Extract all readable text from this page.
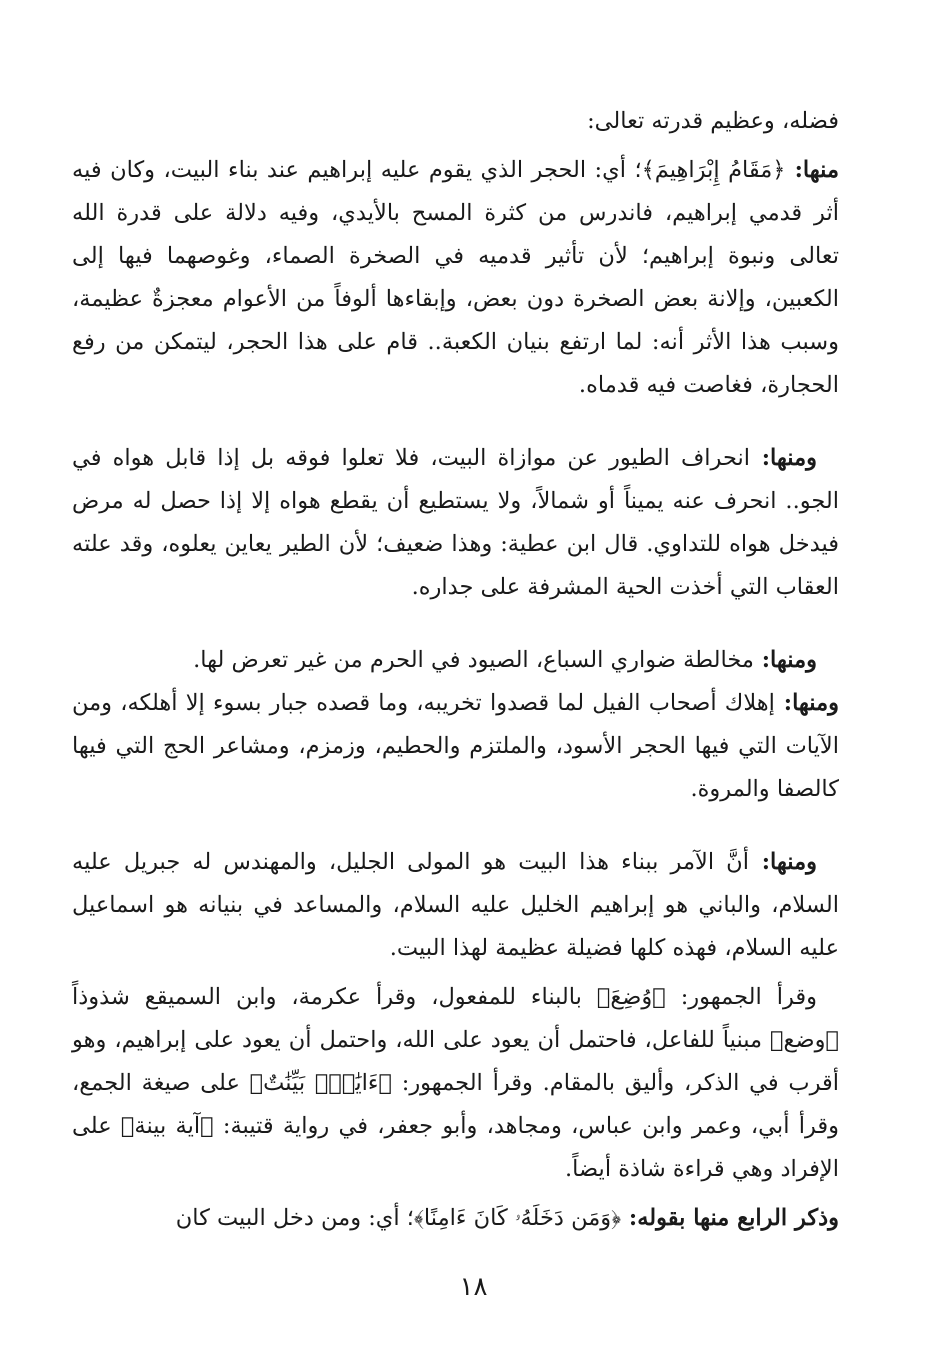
فضله، وعظيم قدرته تعالى:

منها: ﴿مَقَامُ إِبْرَاهِيمَ﴾؛ أي: الحجر الذي يقوم عليه إبراهيم عند بناء البيت، وكان فيه أثر قدمي إبراهيم، فاندرس من كثرة المسح بالأيدي، وفيه دلالة على قدرة الله تعالى ونبوة إبراهيم؛ لأن تأثير قدميه في الصخرة الصماء، وغوصهما فيها إلى الكعبين، وإلانة بعض الصخرة دون بعض، وإبقاءها ألوفاً من الأعوام معجزةٌ عظيمة، وسبب هذا الأثر أنه: لما ارتفع بنيان الكعبة.. قام على هذا الحجر، ليتمكن من رفع الحجارة، فغاصت فيه قدماه.

ومنها: انحراف الطيور عن موازاة البيت، فلا تعلوا فوقه بل إذا قابل هواه في الجو.. انحرف عنه يميناً أو شمالاً، ولا يستطيع أن يقطع هواه إلا إذا حصل له مرض فيدخل هواه للتداوي. قال ابن عطية: وهذا ضعيف؛ لأن الطير يعاين يعلوه، وقد علته العقاب التي أخذت الحية المشرفة على جداره.

ومنها: مخالطة ضواري السباع، الصيود في الحرم من غير تعرض لها.

ومنها: إهلاك أصحاب الفيل لما قصدوا تخريبه، وما قصده جبار بسوء إلا أهلكه، ومن الآيات التي فيها الحجر الأسود، والملتزم والحطيم، وزمزم، ومشاعر الحج التي فيها كالصفا والمروة.

ومنها: أنَّ الآمر ببناء هذا البيت هو المولى الجليل، والمهندس له جبريل عليه السلام، والباني هو إبراهيم الخليل عليه السلام، والمساعد في بنيانه هو اسماعيل عليه السلام، فهذه كلها فضيلة عظيمة لهذا البيت.

وقرأ الجمهور: ﴿وُضِعَ﴾ بالبناء للمفعول، وقرأ عكرمة، وابن السميقع شذوذاً ﴿وضع﴾ مبنياً للفاعل، فاحتمل أن يعود على الله، واحتمل أن يعود على إبراهيم، وهو أقرب في الذكر، وأليق بالمقام. وقرأ الجمهور: ﴿ءَايَٰتُۢ بَيِّنَٰتٌ﴾ على صيغة الجمع، وقرأ أبي، وعمر وابن عباس، ومجاهد، وأبو جعفر، في رواية قتيبة: ﴿آية بينة﴾ على الإفراد وهي قراءة شاذة أيضاً.

وذكر الرابع منها بقوله: ﴿وَمَن دَخَلَهُۥ كَانَ ءَامِنًا﴾؛ أي: ومن دخل البيت كان

١٨
